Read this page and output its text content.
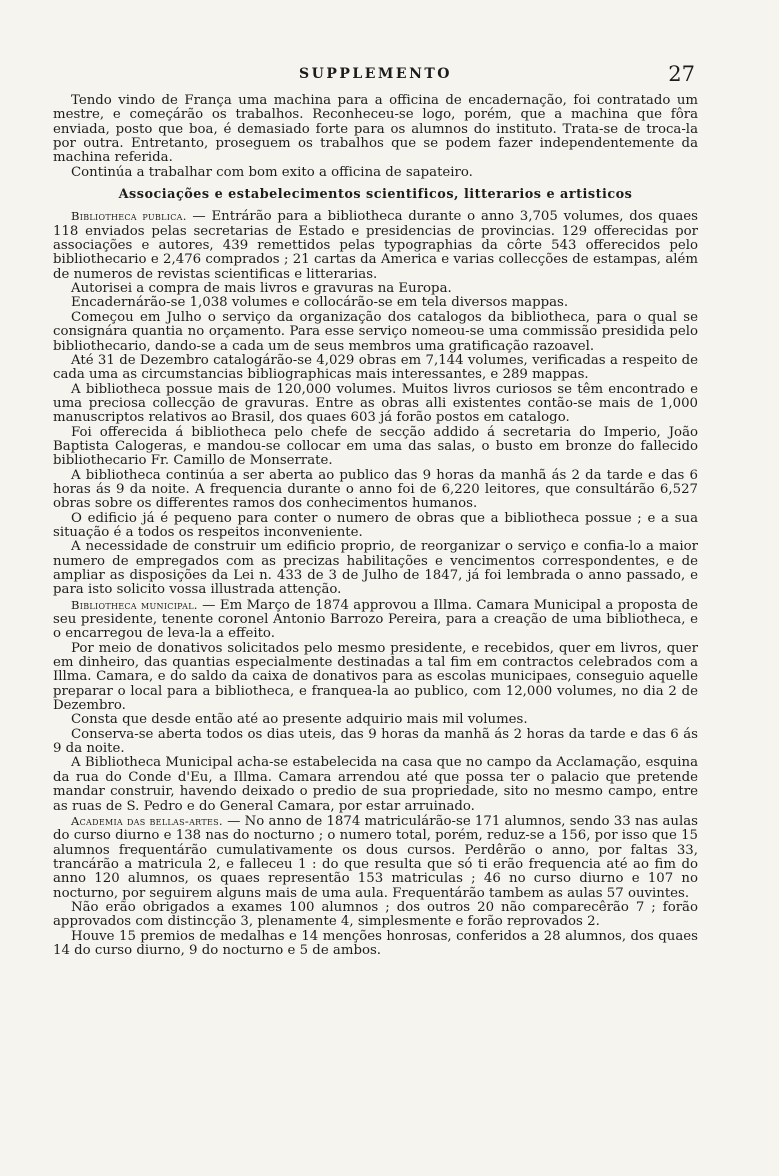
SUPPLEMENTO	27

Tendo vindo de França uma machina para a officina de encadernação, foi contratado um mestre, e começárão os trabalhos. Reconheceu-se logo, porém, que a machina que fôra enviada, posto que boa, é demasiado forte para os alumnos do instituto. Trata-se de troca-la por outra. Entretanto, proseguem os trabalhos que se podem fazer independentemente da machina referida.

Continúa a trabalhar com bom exito a officina de sapateiro.

Associações e estabelecimentos scientificos, litterarios e artisticos

Bibliotheca publica. — Entrárão para a bibliotheca durante o anno 3,705 volumes, dos quaes 118 enviados pelas secretarias de Estado e presidencias de provincias. 129 offerecidas por associações e autores, 439 remettidos pelas typographias da côrte 543 offerecidos pelo bibliothecario e 2,476 comprados ; 21 cartas da America e varias collecções de estampas, além de numeros de revistas scientificas e litterarias.

Autorisei a compra de mais livros e gravuras na Europa.

Encadernárão-se 1,038 volumes e collocárão-se em tela diversos mappas.

Começou em Julho o serviço da organização dos catalogos da bibliotheca, para o qual se consignára quantia no orçamento. Para esse serviço nomeou-se uma commissão presidida pelo bibliothecario, dando-se a cada um de seus membros uma gratificação razoavel.

Até 31 de Dezembro catalogárão-se 4,029 obras em 7,144 volumes, verificadas a respeito de cada uma as circumstancias bibliographicas mais interessantes, e 289 mappas.

A bibliotheca possue mais de 120,000 volumes. Muitos livros curiosos se têm encontrado e uma preciosa collecção de gravuras. Entre as obras alli existentes contão-se mais de 1,000 manuscriptos relativos ao Brasil, dos quaes 603 já forão postos em catalogo.

Foi offerecida á bibliotheca pelo chefe de secção addido á secretaria do Imperio, João Baptista Calogeras, e mandou-se collocar em uma das salas, o busto em bronze do fallecido bibliothecario Fr. Camillo de Monserrate.

A bibliotheca continúa a ser aberta ao publico das 9 horas da manhã ás 2 da tarde e das 6 horas ás 9 da noite. A frequencia durante o anno foi de 6,220 leitores, que consultárão 6,527 obras sobre os differentes ramos dos conhecimentos humanos.

O edificio já é pequeno para conter o numero de obras que a bibliotheca possue ; e a sua situação é a todos os respeitos inconveniente.

A necessidade de construir um edificio proprio, de reorganizar o serviço e confia-lo a maior numero de empregados com as precizas habilitações e vencimentos correspondentes, e de ampliar as disposições da Lei n. 433 de 3 de Julho de 1847, já foi lembrada o anno passado, e para isto solicito vossa illustrada attenção.

Bibliotheca municipal. — Em Março de 1874 approvou a Illma. Camara Municipal a proposta de seu presidente, tenente coronel Antonio Barrozo Pereira, para a creação de uma bibliotheca, e o encarregou de leva-la a effeito.

Por meio de donativos solicitados pelo mesmo presidente, e recebidos, quer em livros, quer em dinheiro, das quantias especialmente destinadas a tal fim em contractos celebrados com a Illma. Camara, e do saldo da caixa de donativos para as escolas municipaes, conseguio aquelle preparar o local para a bibliotheca, e franquea-la ao publico, com 12,000 volumes, no dia 2 de Dezembro.

Consta que desde então até ao presente adquirio mais mil volumes.

Conserva-se aberta todos os dias uteis, das 9 horas da manhã ás 2 horas da tarde e das 6 ás 9 da noite.

A Bibliotheca Municipal acha-se estabelecida na casa que no campo da Acclamação, esquina da rua do Conde d'Eu, a Illma. Camara arrendou até que possa ter o palacio que pretende mandar construir, havendo deixado o predio de sua propriedade, sito no mesmo campo, entre as ruas de S. Pedro e do General Camara, por estar arruinado.

Academia das bellas-artes. — No anno de 1874 matriculárão-se 171 alumnos, sendo 33 nas aulas do curso diurno e 138 nas do nocturno ; o numero total, porém, reduz-se a 156, por isso que 15 alumnos frequentárão cumulativamente os dous cursos. Perdêrão o anno, por faltas 33, trancárão a matricula 2, e falleceu 1 : do que resulta que só ti erão frequencia até ao fim do anno 120 alumnos, os quaes representão 153 matriculas ; 46 no curso diurno e 107 no nocturno, por seguirem alguns mais de uma aula. Frequentárão tambem as aulas 57 ouvintes.

Não erão obrigados a exames 100 alumnos ; dos outros 20 não comparecêrão 7 ; forão approvados com distincção 3, plenamente 4, simplesmente e forão reprovados 2.

Houve 15 premios de medalhas e 14 menções honrosas, conferidos a 28 alumnos, dos quaes 14 do curso diurno, 9 do nocturno e 5 de ambos.
